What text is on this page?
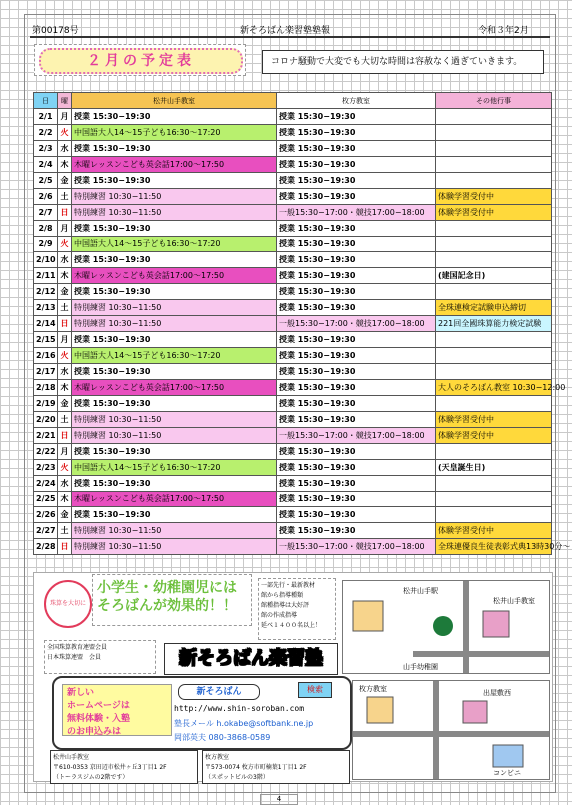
第00178号	新そろばん楽習塾塾報	令和３年2月
２月の予定表	コロナ騒動で大変でも大切な時間は容赦なく過ぎていきます。
日	曜	松井山手教室	枚方教室	その他行事
2/1	月	授業 15:30−19:30	授業 15:30−19:30	
2/2	火	中国語大人14〜15子ども16:30〜17:20	授業 15:30−19:30	
2/3	水	授業 15:30−19:30	授業 15:30−19:30	
2/4	木	木曜レッスンこども英会話17:00〜17:50	授業 15:30−19:30	
2/5	金	授業 15:30−19:30	授業 15:30−19:30	
2/6	土	特別練習 10:30−11:50	授業 15:30−19:30	体験学習受付中
2/7	日	特別練習 10:30−11:50	一般15:30−17:00・競技17:00−18:00	体験学習受付中
2/8	月	授業 15:30−19:30	授業 15:30−19:30	
2/9	火	中国語大人14〜15子ども16:30〜17:20	授業 15:30−19:30	
2/10	水	授業 15:30−19:30	授業 15:30−19:30	
2/11	木	木曜レッスンこども英会話17:00〜17:50	授業 15:30−19:30	(建国記念日)
2/12	金	授業 15:30−19:30	授業 15:30−19:30	
2/13	土	特別練習 10:30−11:50	授業 15:30−19:30	全珠連検定試験申込締切
2/14	日	特別練習 10:30−11:50	一般15:30−17:00・競技17:00−18:00	221回全國珠算能力検定試験
2/15	月	授業 15:30−19:30	授業 15:30−19:30	
2/16	火	中国語大人14〜15子ども16:30〜17:20	授業 15:30−19:30	
2/17	水	授業 15:30−19:30	授業 15:30−19:30	
2/18	木	木曜レッスンこども英会話17:00〜17:50	授業 15:30−19:30	大人のそろばん教室 10:30−12:00
2/19	金	授業 15:30−19:30	授業 15:30−19:30	
2/20	土	特別練習 10:30−11:50	授業 15:30−19:30	体験学習受付中
2/21	日	特別練習 10:30−11:50	一般15:30−17:00・競技17:00−18:00	体験学習受付中
2/22	月	授業 15:30−19:30	授業 15:30−19:30	
2/23	火	中国語大人14〜15子ども16:30〜17:20	授業 15:30−19:30	(天皇誕生日)
2/24	水	授業 15:30−19:30	授業 15:30−19:30	
2/25	木	木曜レッスンこども英会話17:00〜17:50	授業 15:30−19:30	
2/26	金	授業 15:30−19:30	授業 15:30−19:30	
2/27	土	特別練習 10:30−11:50	授業 15:30−19:30	体験学習受付中
2/28	日	特別練習 10:30−11:50	一般15:30−17:00・競技17:00−18:00	全珠連優良生徒表彰式典13時30分〜
珠算を大切に
小学生・幼稚園児にはそろばんが効果的！！
一部先行・最新教材
館から指導種類
館種指導は大好評
館の作成指導
延べ１４００名以上！
松井山手駅
松井山手教室
山手幼稚園
全国珠算教育連盟会員
日本珠算連盟　会員	新そろばん楽習塾
新しい
ホームページは
無料体験・入塾
のお申込みは
新そろばん	検索
http://www.shin-soroban.com
塾長メール h.okabe@softbank.ne.jp
岡部英夫 080-3868-0589
枚方教室	出屋敷西
コンビニ
松井山手教室
〒610-0353 京田辺市松井ヶ丘3丁目1 2F
（トーラスジムの2階です）
枚方教室
〒573-0074 枚方市町楠葉1丁目1 2F
（スポットビルの3階）
4
